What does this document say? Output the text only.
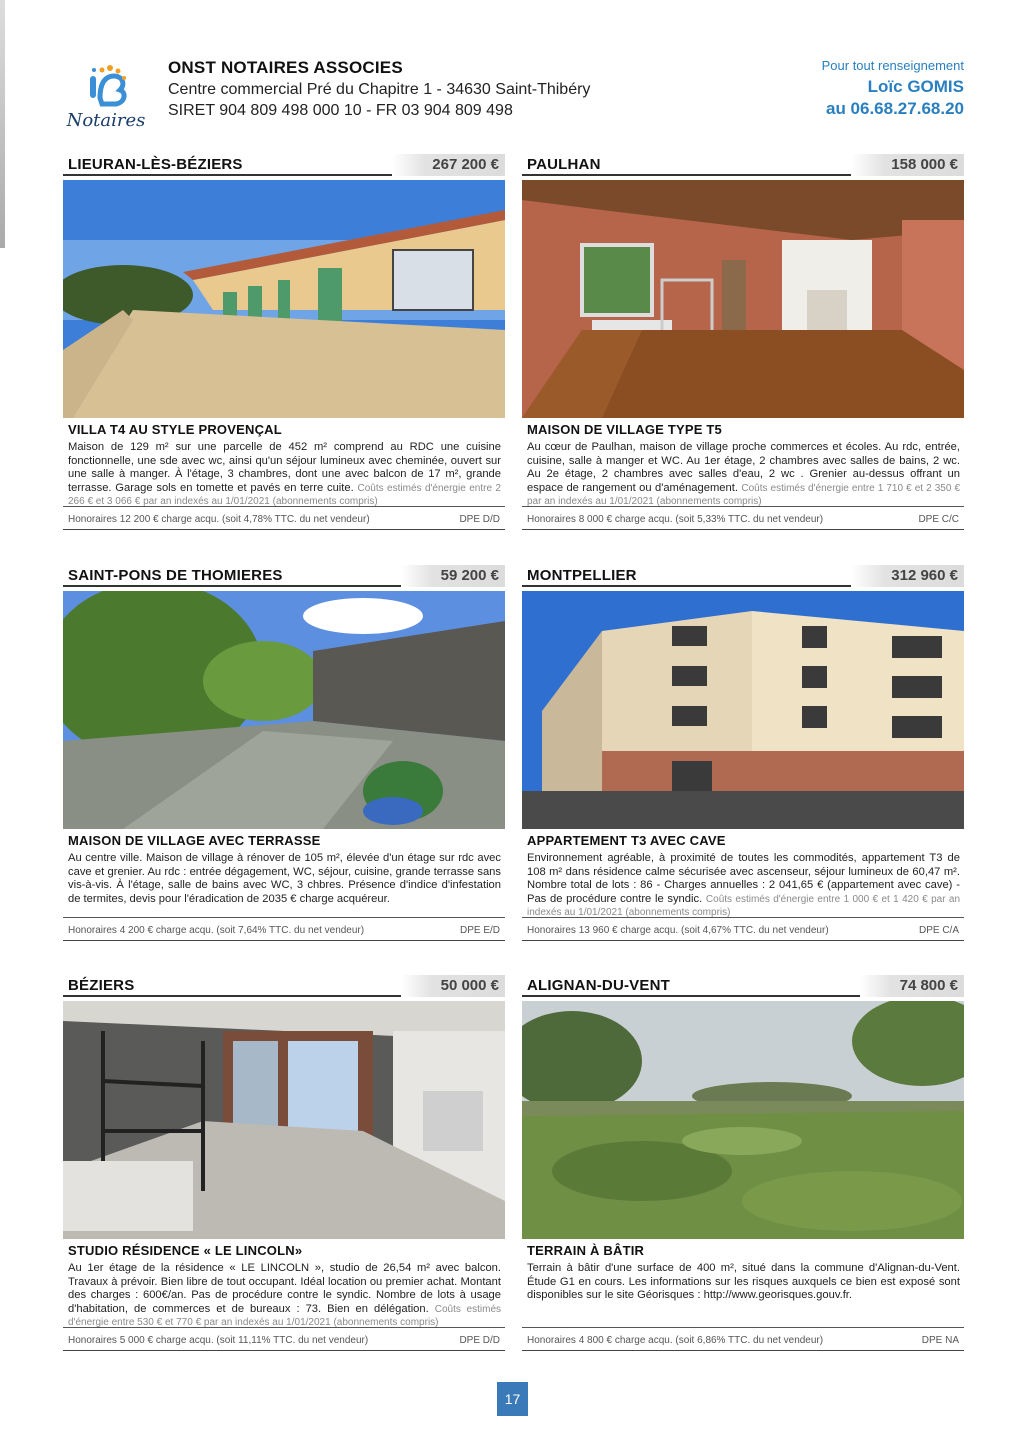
Notaires
ONST NOTAIRES ASSOCIES
Centre commercial Pré du Chapitre 1 - 34630 Saint-Thibéry
SIRET 904 809 498 000 10 - FR 03 904 809 498
Pour tout renseignement
Loïc GOMIS
au 06.68.27.68.20
LIEURAN-LÈS-BÉZIERS	267 200 €
VILLA T4 AU STYLE PROVENÇAL
Maison de 129 m² sur une parcelle de 452 m² comprend au RDC une cuisine fonctionnelle, une sde avec wc, ainsi qu'un séjour lumineux avec cheminée, ouvert sur une salle à manger. À l'étage, 3 chambres, dont une avec balcon de 17 m², grande terrasse. Garage sols en tomette et pavés en terre cuite. Coûts estimés d'énergie entre 2 266 € et 3 066 € par an indexés au 1/01/2021 (abonnements compris)
Honoraires 12 200 € charge acqu. (soit 4,78% TTC. du net vendeur)	DPE D/D
PAULHAN	158 000 €
MAISON DE VILLAGE TYPE T5
Au cœur de Paulhan, maison de village proche commerces et écoles. Au rdc, entrée, cuisine, salle à manger et WC. Au 1er étage, 2 chambres avec salles de bains, 2 wc. Au 2e étage, 2 chambres avec salles d'eau, 2 wc . Grenier au-dessus offrant un espace de rangement ou d'aménagement. Coûts estimés d'énergie entre 1 710 € et 2 350 € par an indexés au 1/01/2021 (abonnements compris)
Honoraires 8 000 € charge acqu. (soit 5,33% TTC. du net vendeur)	DPE C/C
SAINT-PONS DE THOMIERES	59 200 €
MAISON DE VILLAGE AVEC TERRASSE
Au centre ville. Maison de village à rénover de 105 m², élevée d'un étage sur rdc avec cave et grenier. Au rdc : entrée dégagement, WC, séjour, cuisine, grande terrasse sans vis-à-vis. À l'étage, salle de bains avec WC, 3 chbres. Présence d'indice d'infestation de termites, devis pour l'éradication de 2035 € charge acquéreur.
Honoraires 4 200 € charge acqu. (soit 7,64% TTC. du net vendeur)	DPE E/D
MONTPELLIER	312 960 €
APPARTEMENT T3 AVEC CAVE
Environnement agréable, à proximité de toutes les commodités, appartement T3 de 108 m² dans résidence calme sécurisée avec ascenseur, séjour lumineux de 60,47 m². Nombre total de lots : 86 - Charges annuelles : 2 041,65 € (appartement avec cave) - Pas de procédure contre le syndic. Coûts estimés d'énergie entre 1 000 € et 1 420 € par an indexés au 1/01/2021 (abonnements compris)
Honoraires 13 960 € charge acqu. (soit 4,67% TTC. du net vendeur)	DPE C/A
BÉZIERS	50 000 €
STUDIO RÉSIDENCE « LE LINCOLN»
Au 1er étage de la résidence « LE LINCOLN », studio de 26,54 m² avec balcon. Travaux à prévoir. Bien libre de tout occupant. Idéal location ou premier achat. Montant des charges : 600€/an. Pas de procédure contre le syndic. Nombre de lots à usage d'habitation, de commerces et de bureaux : 73. Bien en délégation. Coûts estimés d'énergie entre 530 € et 770 € par an indexés au 1/01/2021 (abonnements compris)
Honoraires 5 000 € charge acqu. (soit 11,11% TTC. du net vendeur)	DPE D/D
ALIGNAN-DU-VENT	74 800 €
TERRAIN À BÂTIR
Terrain à bâtir d'une surface de 400 m², situé dans la commune d'Alignan-du-Vent. Étude G1 en cours. Les informations sur les risques auxquels ce bien est exposé sont disponibles sur le site Géorisques : http://www.georisques.gouv.fr.
Honoraires 4 800 € charge acqu. (soit 6,86% TTC. du net vendeur)	DPE NA
17
